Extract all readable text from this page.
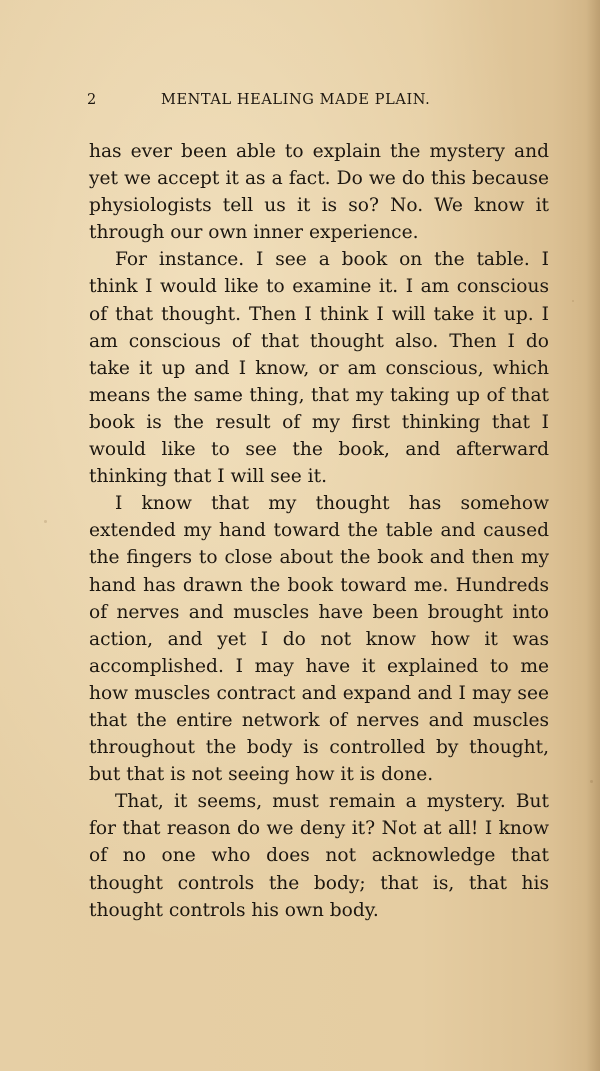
2	MENTAL HEALING MADE PLAIN.

has ever been able to explain the mystery and yet we accept it as a fact. Do we do this because physiologists tell us it is so? No. We know it through our own inner experience.

For instance. I see a book on the table. I think I would like to examine it. I am conscious of that thought. Then I think I will take it up. I am conscious of that thought also. Then I do take it up and I know, or am conscious, which means the same thing, that my taking up of that book is the result of my first thinking that I would like to see the book, and afterward thinking that I will see it.

I know that my thought has somehow extended my hand toward the table and caused the fingers to close about the book and then my hand has drawn the book toward me. Hundreds of nerves and muscles have been brought into action, and yet I do not know how it was accomplished. I may have it explained to me how muscles contract and expand and I may see that the entire network of nerves and muscles throughout the body is controlled by thought, but that is not seeing how it is done.

That, it seems, must remain a mystery. But for that reason do we deny it? Not at all! I know of no one who does not acknowledge that thought controls the body; that is, that his thought controls his own body.
